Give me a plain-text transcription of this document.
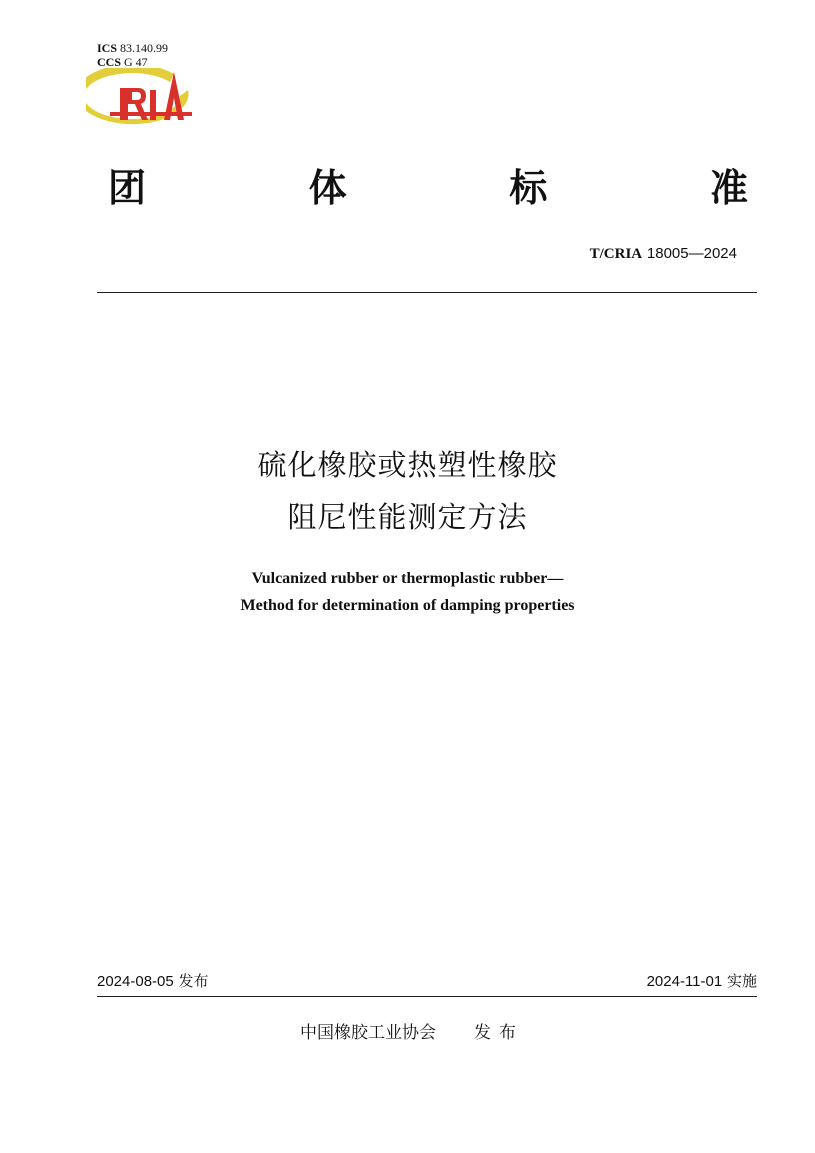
ICS 83.140.99
CCS G 47
团	体	标	准
T/CRIA 18005—2024
硫化橡胶或热塑性橡胶
阻尼性能测定方法
Vulcanized rubber or thermoplastic rubber—
Method for determination of damping properties
2024-08-05 发布	2024-11-01 实施
中国橡胶工业协会 发布
